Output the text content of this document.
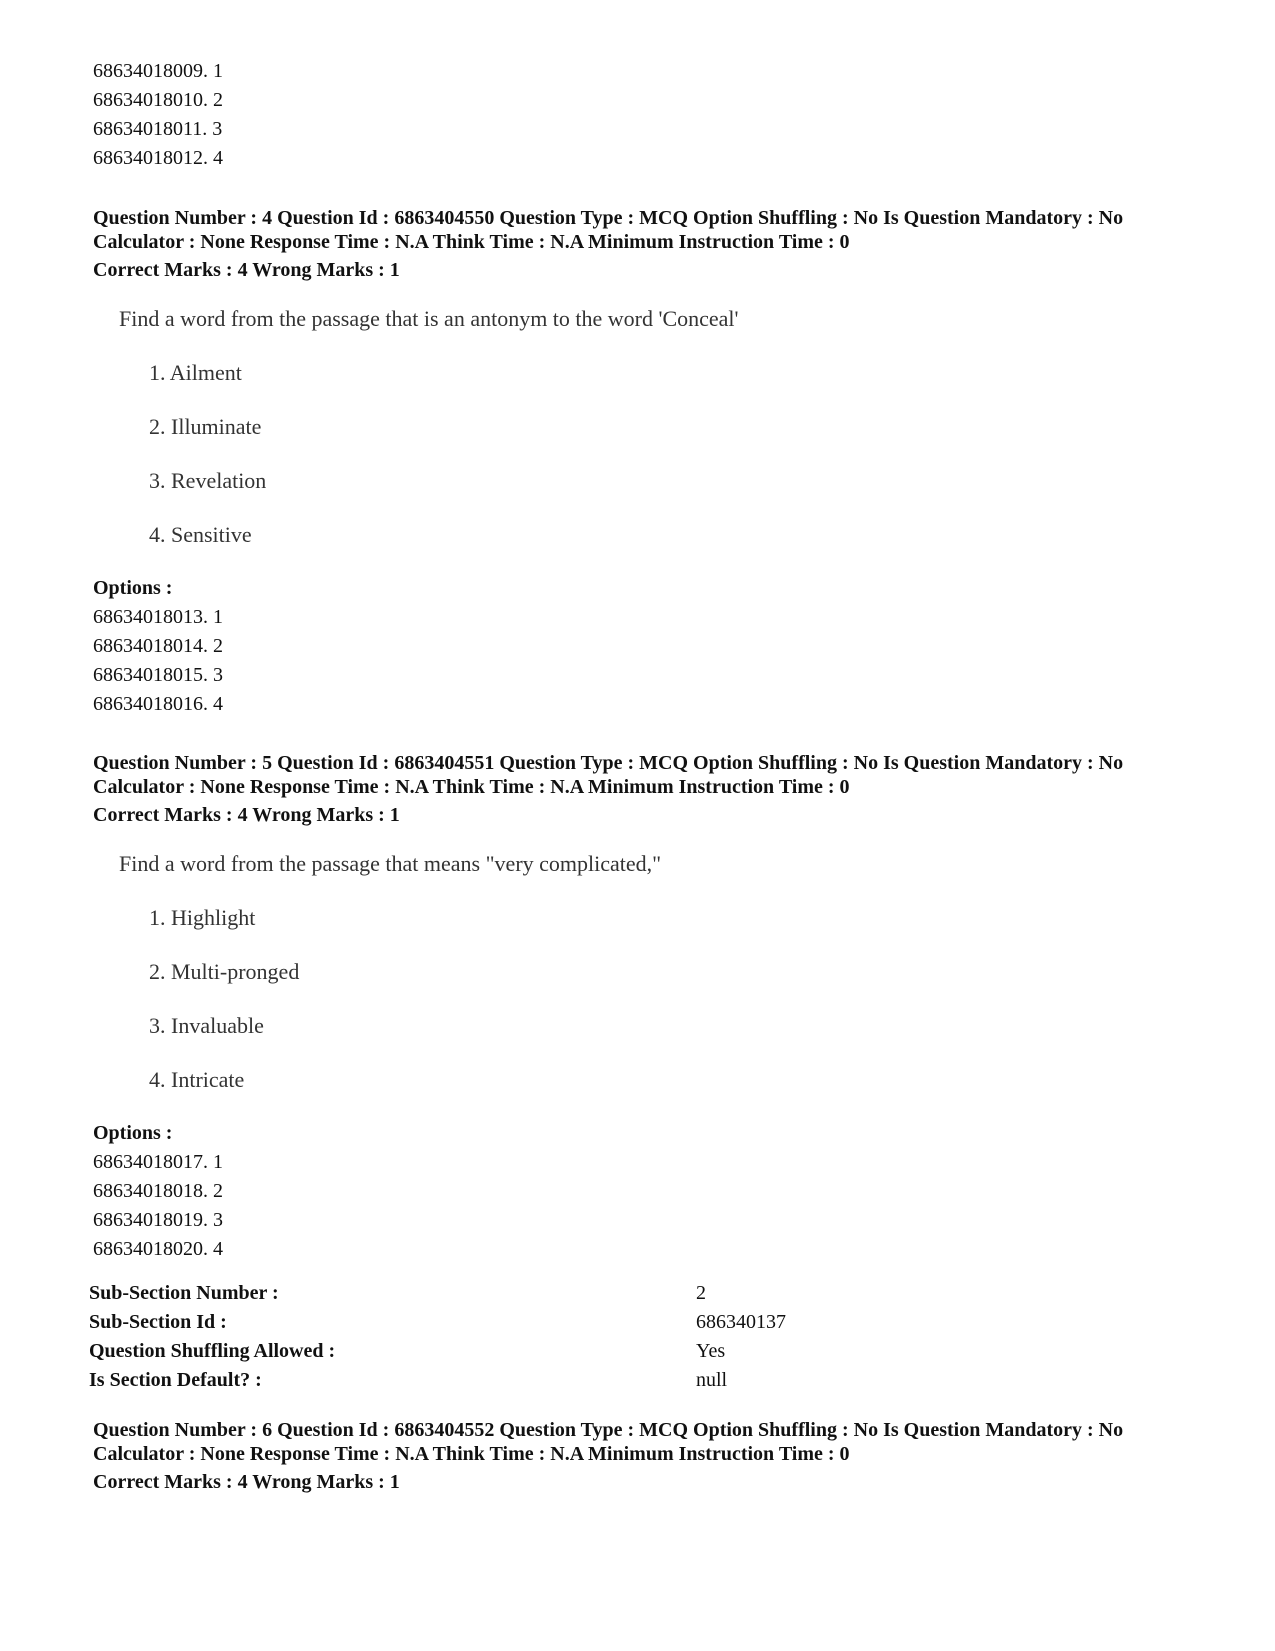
68634018009. 1
68634018010. 2
68634018011. 3
68634018012. 4
Question Number : 4 Question Id : 6863404550 Question Type : MCQ Option Shuffling : No Is Question Mandatory : No
Calculator : None Response Time : N.A Think Time : N.A Minimum Instruction Time : 0
Correct Marks : 4 Wrong Marks : 1
Find a word from the passage that is an antonym to the word 'Conceal'
1. Ailment
2. Illuminate
3. Revelation
4. Sensitive
Options :
68634018013. 1
68634018014. 2
68634018015. 3
68634018016. 4
Question Number : 5 Question Id : 6863404551 Question Type : MCQ Option Shuffling : No Is Question Mandatory : No
Calculator : None Response Time : N.A Think Time : N.A Minimum Instruction Time : 0
Correct Marks : 4 Wrong Marks : 1
Find a word from the passage that means "very complicated,"
1. Highlight
2. Multi-pronged
3. Invaluable
4. Intricate
Options :
68634018017. 1
68634018018. 2
68634018019. 3
68634018020. 4
Sub-Section Number :	2
Sub-Section Id :	686340137
Question Shuffling Allowed :	Yes
Is Section Default? :	null
Question Number : 6 Question Id : 6863404552 Question Type : MCQ Option Shuffling : No Is Question Mandatory : No
Calculator : None Response Time : N.A Think Time : N.A Minimum Instruction Time : 0
Correct Marks : 4 Wrong Marks : 1
